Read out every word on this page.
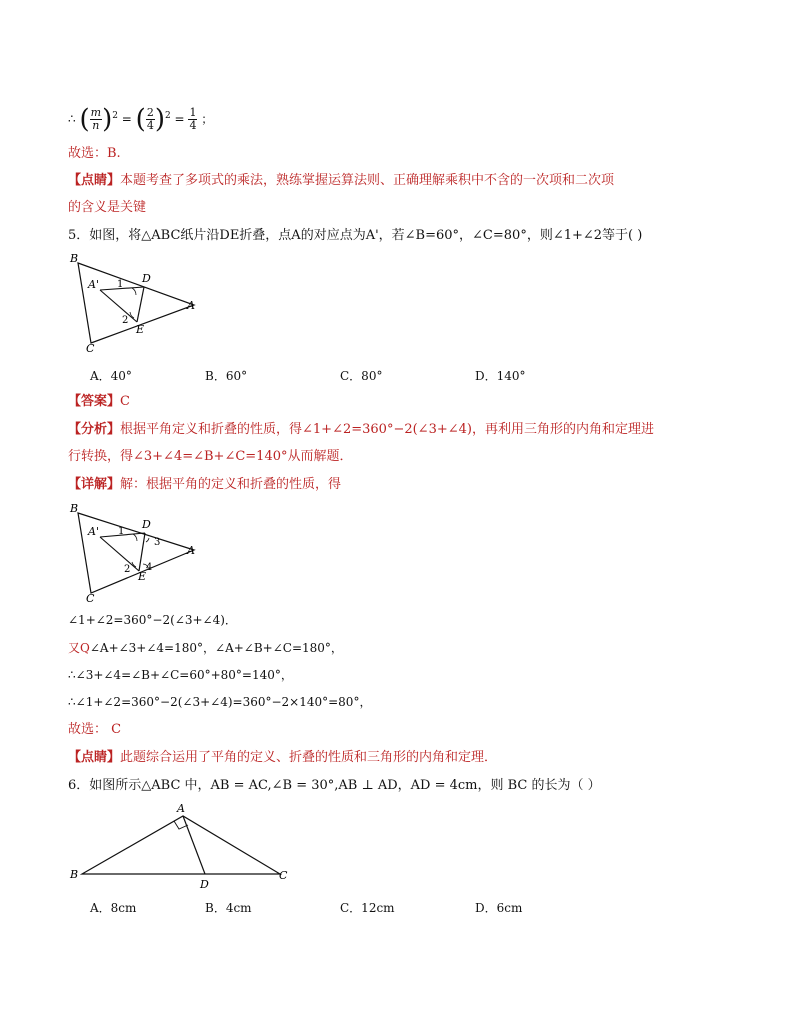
∴ ( $\frac{m}{n} )^2$ = ( $\frac{2}{4} )^2 = \frac{1}{4}$ ；
故选：B.
【点睛】本题考查了多项式的乘法，熟练掌握运算法则、正确理解乘积中不含的一次项和二次项
的含义是关键
5．如图，将△ABC纸片沿DE折叠，点A的对应点为A'，若∠B=60°，∠C=80°，则∠1+∠2等于( )
B
D
A'
A
E
C
1
2
A．40°	B．60°	C．80°	D．140°
【答案】C
【分析】根据平角定义和折叠的性质，得∠1+∠2=360°−2(∠3+∠4)，再利用三角形的内角和定理进
行转换，得∠3+∠4=∠B+∠C=140°从而解题．
【详解】解：根据平角的定义和折叠的性质，得
B
D
A'
A
E
C
1
2
3
4
∠1+∠2=360°−2(∠3+∠4)．
又Q∠A+∠3+∠4=180°，∠A+∠B+∠C=180°，
∴∠3+∠4=∠B+∠C=60°+80°=140°，
∴∠1+∠2=360°−2(∠3+∠4)=360°−2×140°=80°，
故选： C
【点睛】此题综合运用了平角的定义、折叠的性质和三角形的内角和定理．
6．如图所示△ABC 中，AB = AC,∠B = 30°,AB ⊥ AD，AD = 4cm，则 BC 的长为（ ）
A
B	C
D
A．8cm	B．4cm	C．12cm	D．6cm
